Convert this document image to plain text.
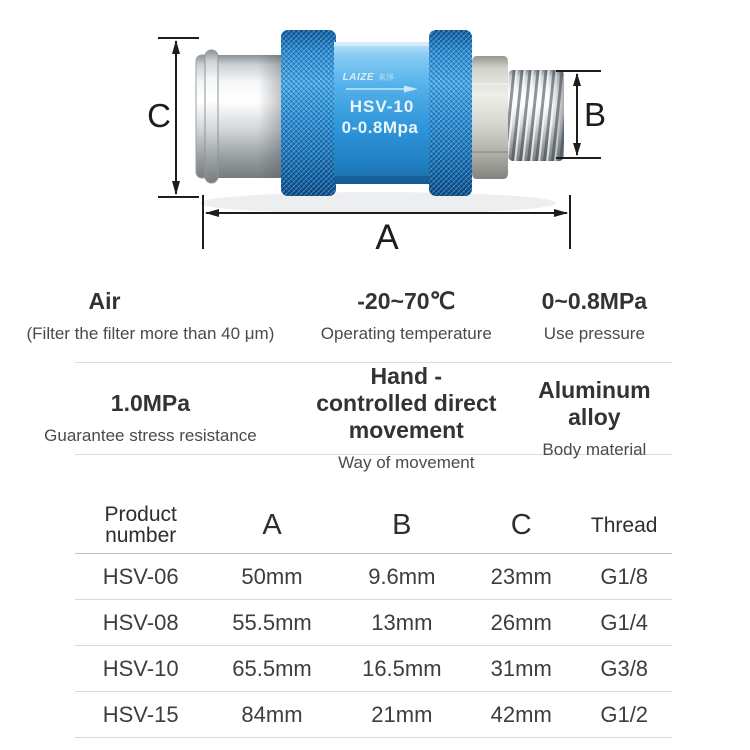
LAIZE 来泽
HSV-10
0-0.8Mpa
C	B
A
Air
(Filter the filter more than 40 μm)
-20~70℃
Operating temperature
0~0.8MPa
Use pressure
1.0MPa
Guarantee stress resistance
Hand -controlled direct movement
Way of movement
Aluminum alloy
Body material
Product number	A	B	C	Thread
HSV-06	50mm	9.6mm	23mm	G1/8
HSV-08	55.5mm	13mm	26mm	G1/4
HSV-10	65.5mm	16.5mm	31mm	G3/8
HSV-15	84mm	21mm	42mm	G1/2
